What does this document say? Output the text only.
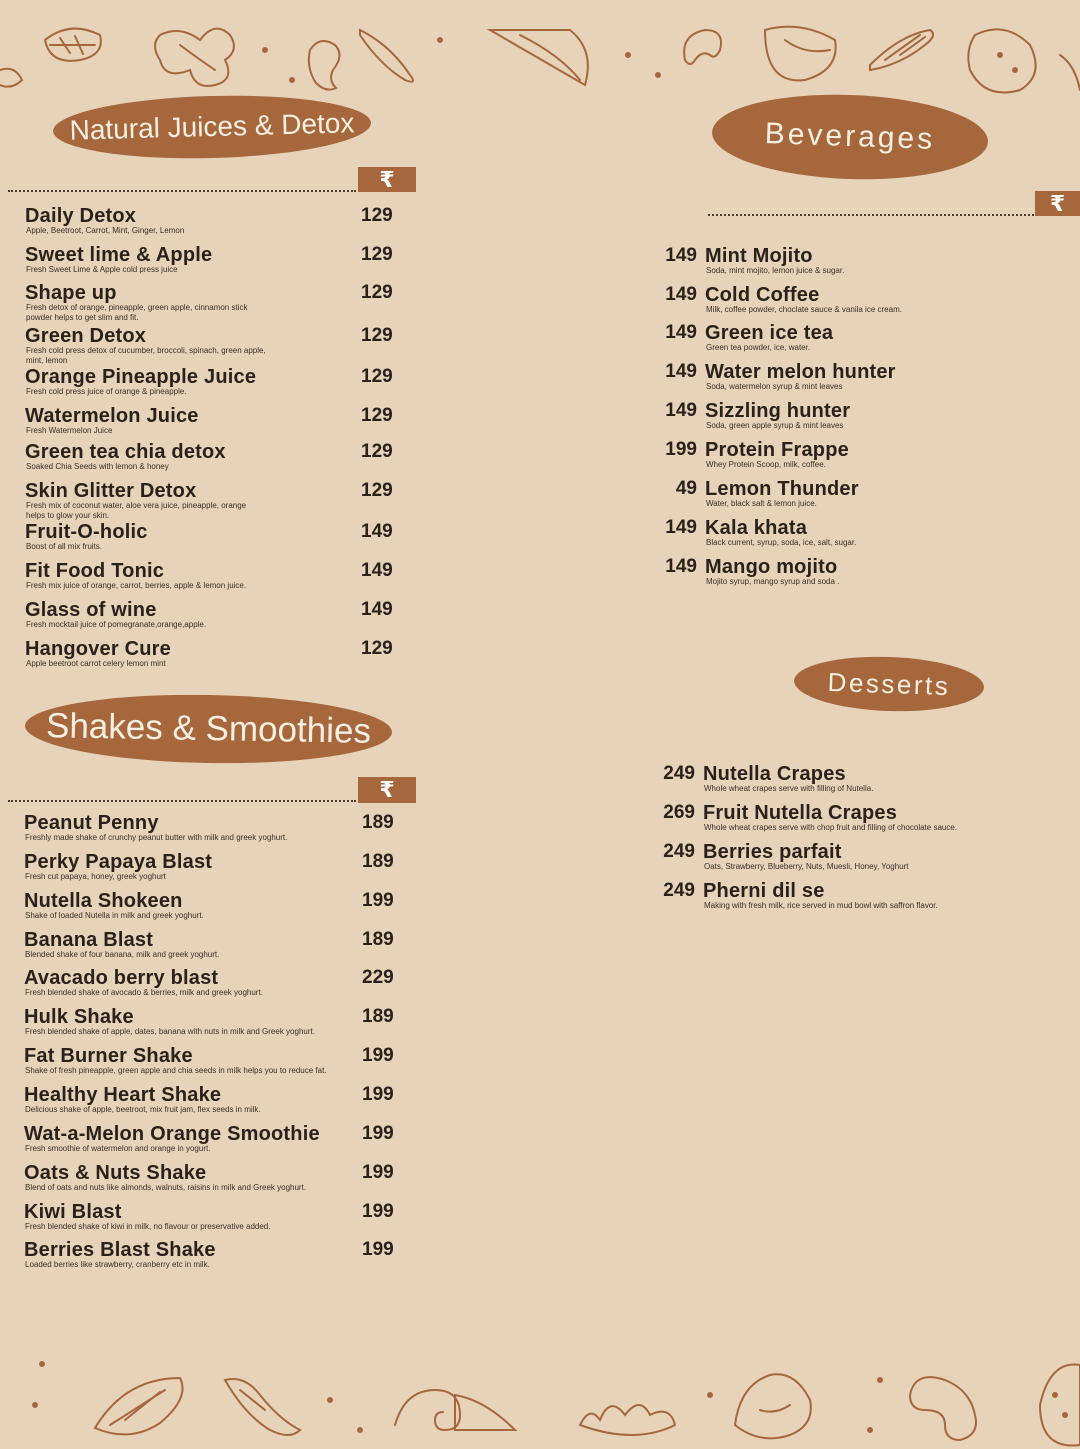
Natural Juices & Detox
₹
Daily Detox	129
Apple, Beetroot, Carrot, Mint, Ginger, Lemon
Sweet lime & Apple	129
Fresh Sweet Lime & Apple cold press juice
Shape up	129
Fresh detox of orange, pineapple, green apple, cinnamon stick powder helps to get slim and fit.
Green Detox	129
Fresh cold press detox of cucumber, broccoli, spinach, green apple, mint, lemon
Orange Pineapple Juice	129
Fresh cold press juice of orange & pineapple.
Watermelon Juice	129
Fresh Watermelon Juice
Green tea chia detox	129
Soaked Chia Seeds with lemon & honey
Skin Glitter Detox	129
Fresh mix of coconut water, aloe vera juice, pineapple, orange helps to glow your skin.
Fruit-O-holic	149
Boost of all mix fruits.
Fit Food Tonic	149
Fresh mix juice of orange, carrot, berries, apple & lemon juice.
Glass of wine	149
Fresh mocktail juice of pomegranate,orange,apple.
Hangover Cure	129
Apple beetroot carrot celery lemon mint
Shakes & Smoothies
₹
Peanut Penny	189
Freshly made shake of crunchy peanut butter with milk and greek yoghurt.
Perky Papaya Blast	189
Fresh cut papaya, honey, greek yoghurt
Nutella Shokeen	199
Shake of loaded Nutella in milk and greek yoghurt.
Banana Blast	189
Blended shake of four banana, milk and greek yoghurt.
Avacado berry blast	229
Fresh blended shake of avocado & berries, milk and greek yoghurt.
Hulk Shake	189
Fresh blended shake of apple, dates, banana with nuts in milk and Greek yoghurt.
Fat Burner Shake	199
Shake of fresh pineapple, green apple and chia seeds in milk helps you to reduce fat.
Healthy Heart Shake	199
Delicious shake of apple, beetroot, mix fruit jam, flex seeds in milk.
Wat-a-Melon Orange Smoothie 199
Fresh smoothie of watermelon and orange in yogurt.
Oats & Nuts Shake	199
Blend of oats and nuts like almonds, walnuts, raisins in milk and Greek yoghurt.
Kiwi Blast	199
Fresh blended shake of kiwi in milk, no flavour or preservative added.
Berries Blast Shake	199
Loaded berries like strawberry, cranberry etc in milk.
Beverages
₹
Mint Mojito
149
Soda, mint mojito, lemon juice & sugar.
Cold Coffee
149
Milk, coffee powder, choclate sauce & vanila ice cream.
Green ice tea
149
Green tea powder, ice, water.
Water melon hunter
149
Soda, watermelon syrup & mint leaves
Sizzling hunter
149
Soda, green apple syrup & mint leaves
Protein Frappe
199
Whey Protein Scoop, milk, coffee.
Lemon Thunder
49
Water, black salt & lemon juice.
Kala khata
149
Black current, syrup, soda, ice, salt, sugar.
Mango mojito
149
Mojito syrup, mango syrup and soda .
Desserts
Nutella Crapes
249
Whole wheat crapes serve with filling of Nutella.
Fruit Nutella Crapes
269
Whole wheat crapes serve with chop fruit and filling of chocolate sauce.
Berries parfait
249
Oats, Strawberry, Blueberry, Nuts, Muesli, Honey, Yoghurt
Pherni dil se
249
Making with fresh milk, rice served in mud bowl with saffron flavor.
